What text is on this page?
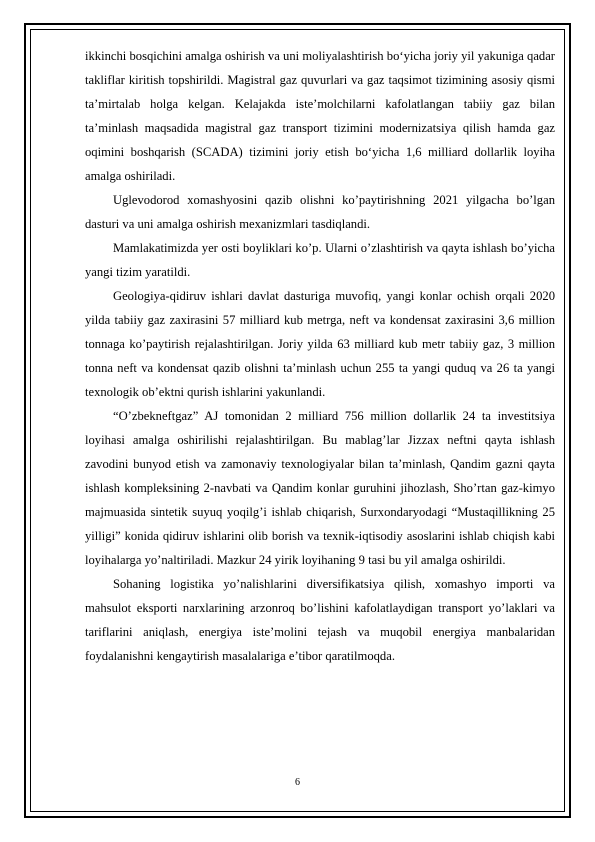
ikkinchi bosqichini amalga oshirish va uni moliyalashtirish bo‘yicha joriy yil yakuniga qadar takliflar kiritish topshirildi. Magistral gaz quvurlari va gaz taqsimot tizimining asosiy qismi taʼmirtalab holga kelgan. Kelajakda isteʼmolchilarni kafolatlangan tabiiy gaz bilan taʼminlash maqsadida magistral gaz transport tizimini modernizatsiya qilish hamda gaz oqimini boshqarish (SCADA) tizimini joriy etish bo‘yicha 1,6 milliard dollarlik loyiha amalga oshiriladi.

Uglevodorod xomashyosini qazib olishni ko’paytirishning 2021 yilgacha bo’lgan dasturi va uni amalga oshirish mexanizmlari tasdiqlandi.

Mamlakatimizda yer osti boyliklari ko’p. Ularni o’zlashtirish va qayta ishlash bo’yicha yangi tizim yaratildi.

Geologiya-qidiruv ishlari davlat dasturiga muvofiq, yangi konlar ochish orqali 2020 yilda tabiiy gaz zaxirasini 57 milliard kub metrga, neft va kondensat zaxirasini 3,6 million tonnaga ko’paytirish rejalashtirilgan. Joriy yilda 63 milliard kub metr tabiiy gaz, 3 million tonna neft va kondensat qazib olishni ta’minlash uchun 255 ta yangi quduq va 26 ta yangi texnologik ob’ektni qurish ishlarini yakunlandi.

“O’zbekneftgaz” AJ tomonidan 2 milliard 756 million dollarlik 24 ta investitsiya loyihasi amalga oshirilishi rejalashtirilgan. Bu mablag’lar Jizzax neftni qayta ishlash zavodini bunyod etish va zamonaviy texnologiyalar bilan ta’minlash, Qandim gazni qayta ishlash kompleksining 2-navbati va Qandim konlar guruhini jihozlash, Sho’rtan gaz-kimyo majmuasida sintetik suyuq yoqilg’i ishlab chiqarish, Surxondaryodagi “Mustaqillikning 25 yilligi” konida qidiruv ishlarini olib borish va texnik-iqtisodiy asoslarini ishlab chiqish kabi loyihalarga yo’naltiriladi. Mazkur 24 yirik loyihaning 9 tasi bu yil amalga oshirildi.

Sohaning logistika yo’nalishlarini diversifikatsiya qilish, xomashyo importi va mahsulot eksporti narxlarining arzonroq bo’lishini kafolatlaydigan transport yo’laklari va tariflarini aniqlash, energiya iste’molini tejash va muqobil energiya manbalaridan foydalanishni kengaytirish masalalariga e’tibor qaratilmoqda.

6
